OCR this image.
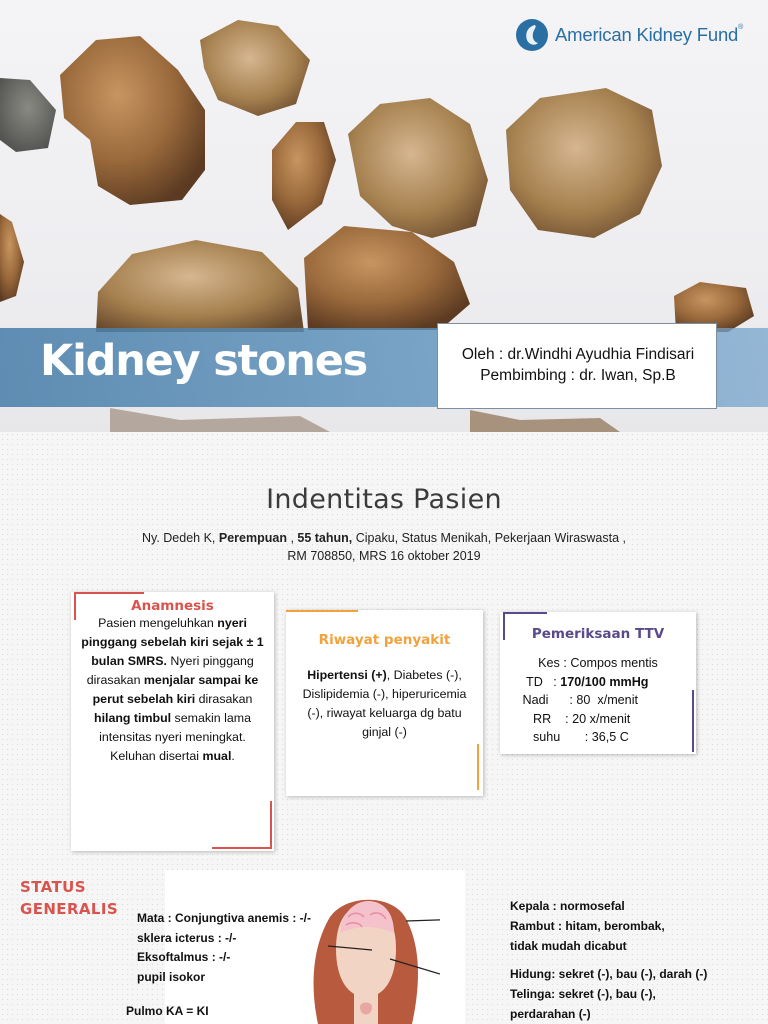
American Kidney Fund®
Kidney stones	Oleh : dr.Windhi Ayudhia Findisari
Pembimbing : dr. Iwan, Sp.B
Indentitas Pasien
Ny. Dedeh K, Perempuan , 55 tahun, Cipaku, Status Menikah, Pekerjaan Wiraswasta ,
RM 708850, MRS 16 oktober 2019
Anamnesis
Pasien mengeluhkan nyeri pinggang sebelah kiri sejak ± 1 bulan SMRS. Nyeri pinggang dirasakan menjalar sampai ke perut sebelah kiri dirasakan hilang timbul semakin lama intensitas nyeri meningkat. Keluhan disertai mual.
Riwayat penyakit
Hipertensi (+), Diabetes (-), Dislipidemia (-), hiperuricemia (-), riwayat keluarga dg batu ginjal (-)
Pemeriksaan TTV
Kes : Compos mentis
TD   : 170/100 mmHg
Nadi      : 80  x/menit
RR    : 20 x/menit
suhu       : 36,5 C
STATUS
GENERALIS Mata : Conjungtiva anemis : -/-
sklera icterus : -/-
Eksoftalmus : -/-
pupil isokor
Pulmo KA = KI
Kepala : normosefal
Rambut : hitam, berombak,
tidak mudah dicabut
Hidung: sekret (-), bau (-), darah (-)
Telinga: sekret (-), bau (-),
perdarahan (-)
